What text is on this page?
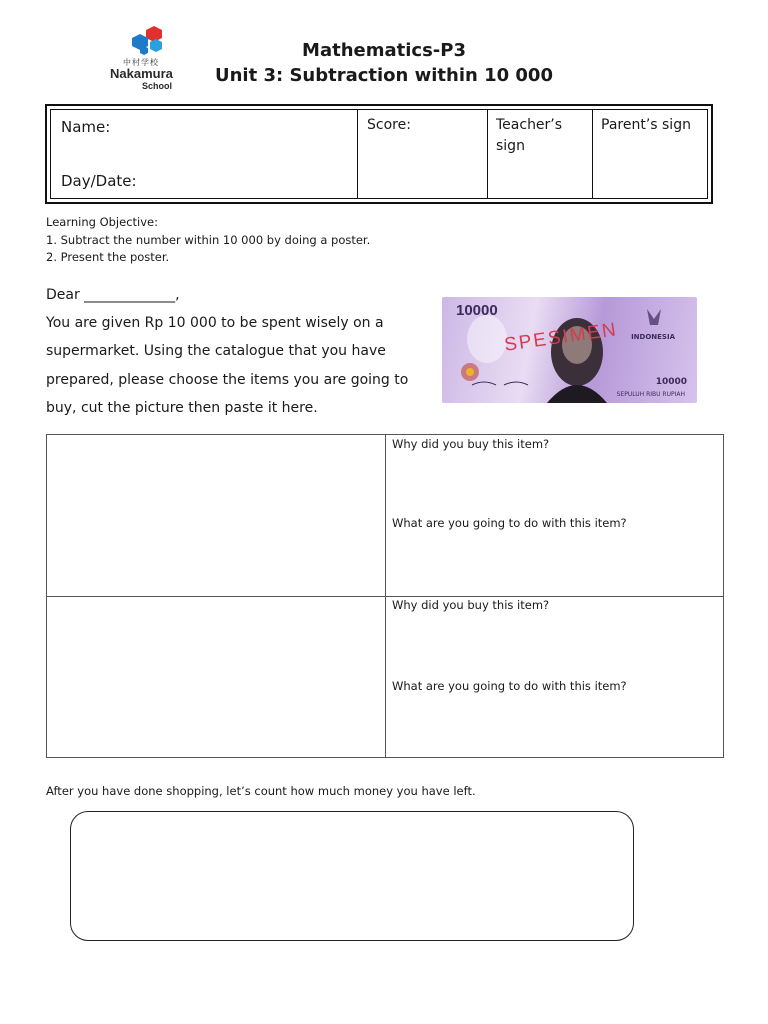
中村学校
Nakamura
School
Mathematics-P3
Unit 3: Subtraction within 10 000
Name:
Day/Date:
Score:	Teacher’s
sign
Parent’s sign
Learning Objective:
1. Subtract the number within 10 000 by doing a poster.
2. Present the poster.
Dear _____________,
You are given Rp 10 000 to be spent wisely on a
supermarket. Using the catalogue that you have
prepared, please choose the items you are going to
buy, cut the picture then paste it here.
10000
SPESIMEN INDONESIA
10000
SEPULUH RIBU RUPIAH
Why did you buy this item?
What are you going to do with this item?
Why did you buy this item?
What are you going to do with this item?
After you have done shopping, let’s count how much money you have left.
